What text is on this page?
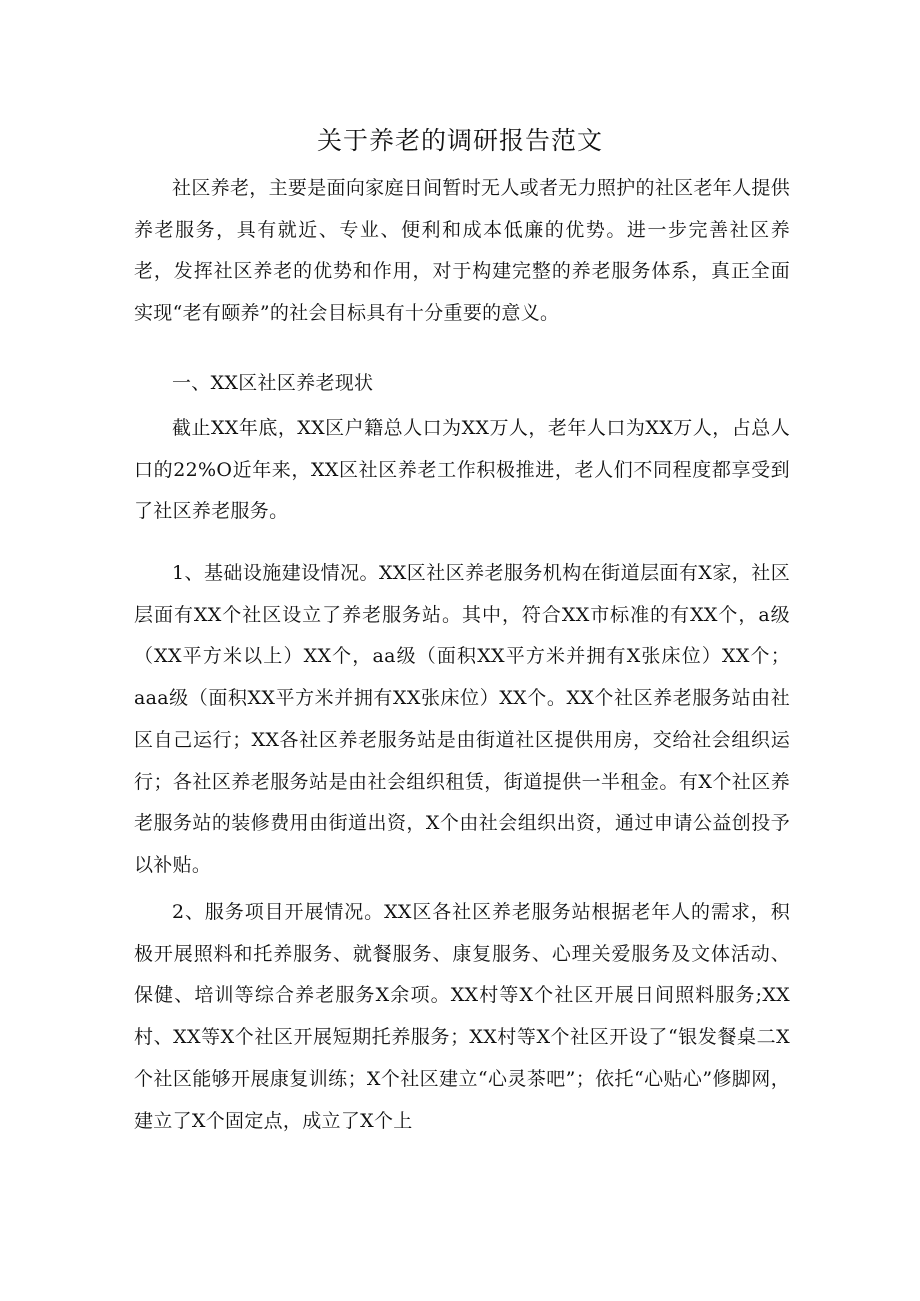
关于养老的调研报告范文
社区养老，主要是面向家庭日间暂时无人或者无力照护的社区老年人提供养老服务，具有就近、专业、便利和成本低廉的优势。进一步完善社区养老，发挥社区养老的优势和作用，对于构建完整的养老服务体系，真正全面实现“老有颐养”的社会目标具有十分重要的意义。
一、XX区社区养老现状
截止XX年底，XX区户籍总人口为XX万人，老年人口为XX万人，占总人口的22%O近年来，XX区社区养老工作积极推进，老人们不同程度都享受到了社区养老服务。
1、基础设施建设情况。XX区社区养老服务机构在街道层面有X家，社区层面有XX个社区设立了养老服务站。其中，符合XX市标准的有XX个，a级（XX平方米以上）XX个，aa级（面积XX平方米并拥有X张床位）XX个；aaa级（面积XX平方米并拥有XX张床位）XX个。XX个社区养老服务站由社区自己运行；XX各社区养老服务站是由街道社区提供用房，交给社会组织运行；各社区养老服务站是由社会组织租赁，街道提供一半租金。有X个社区养老服务站的装修费用由街道出资，X个由社会组织出资，通过申请公益创投予以补贴。
2、服务项目开展情况。XX区各社区养老服务站根据老年人的需求，积极开展照料和托养服务、就餐服务、康复服务、心理关爱服务及文体活动、保健、培训等综合养老服务X余项。XX村等X个社区开展日间照料服务;XX村、XX等X个社区开展短期托养服务；XX村等X个社区开设了“银发餐桌二X个社区能够开展康复训练；X个社区建立“心灵茶吧”；依托“心贴心”修脚网，建立了X个固定点，成立了X个上
